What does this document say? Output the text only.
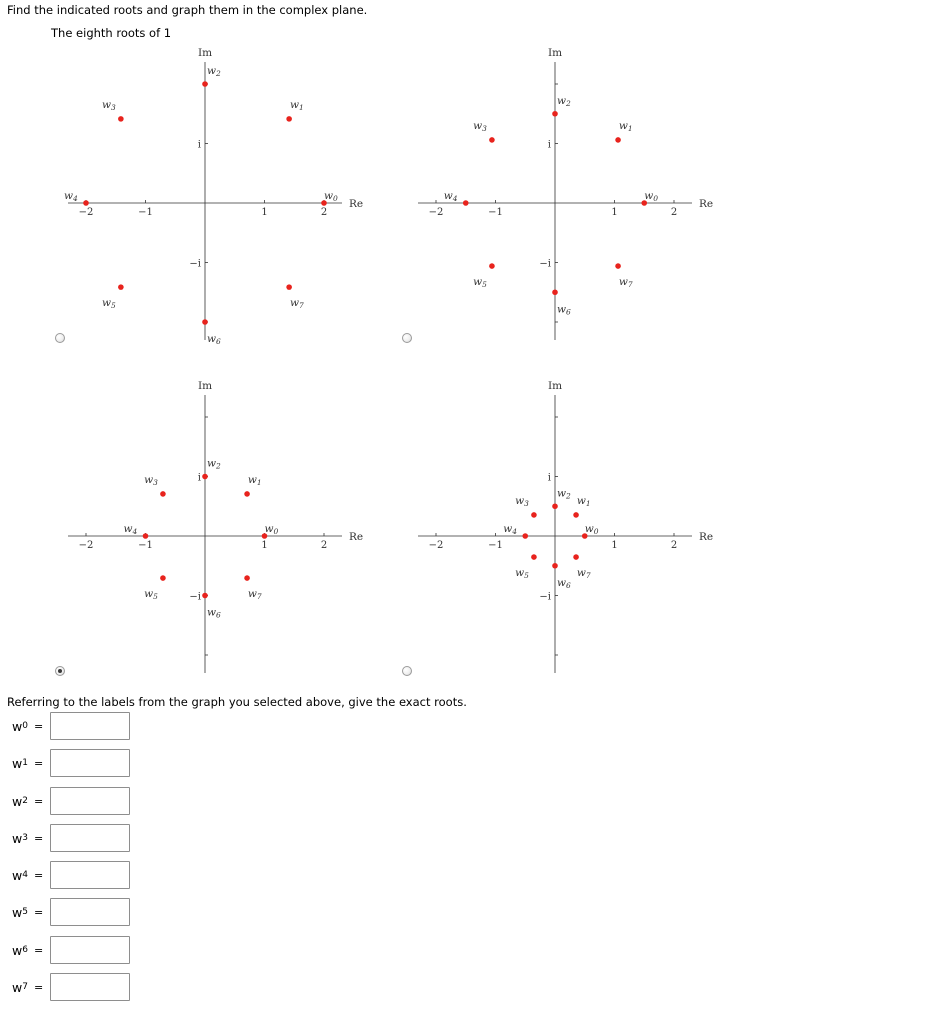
Find the indicated roots and graph them in the complex plane.
The eighth roots of 1
Im
Re
−2	−1	1	2
i
−i
w0
w1
w2
w3
w4
w5
w6
w7
Im
Re
−2	−1	1	2
i
−i
w0
w1
w2
w3
w4
w5
w6
w7
Im
Re
−2	−1	1	2
i
−i
w0
w1
w2
w3
w4
w5
w6
w7
Im
Re
−2	−1	1	2
i
−i
w0
w1
w2
w3
w4
w5
w6
w7
Referring to the labels from the graph you selected above, give the exact roots.
w 0 =
w 1 =
w 2 =
w 3 =
w 4 =
w 5 =
w 6 =
w 7 =
